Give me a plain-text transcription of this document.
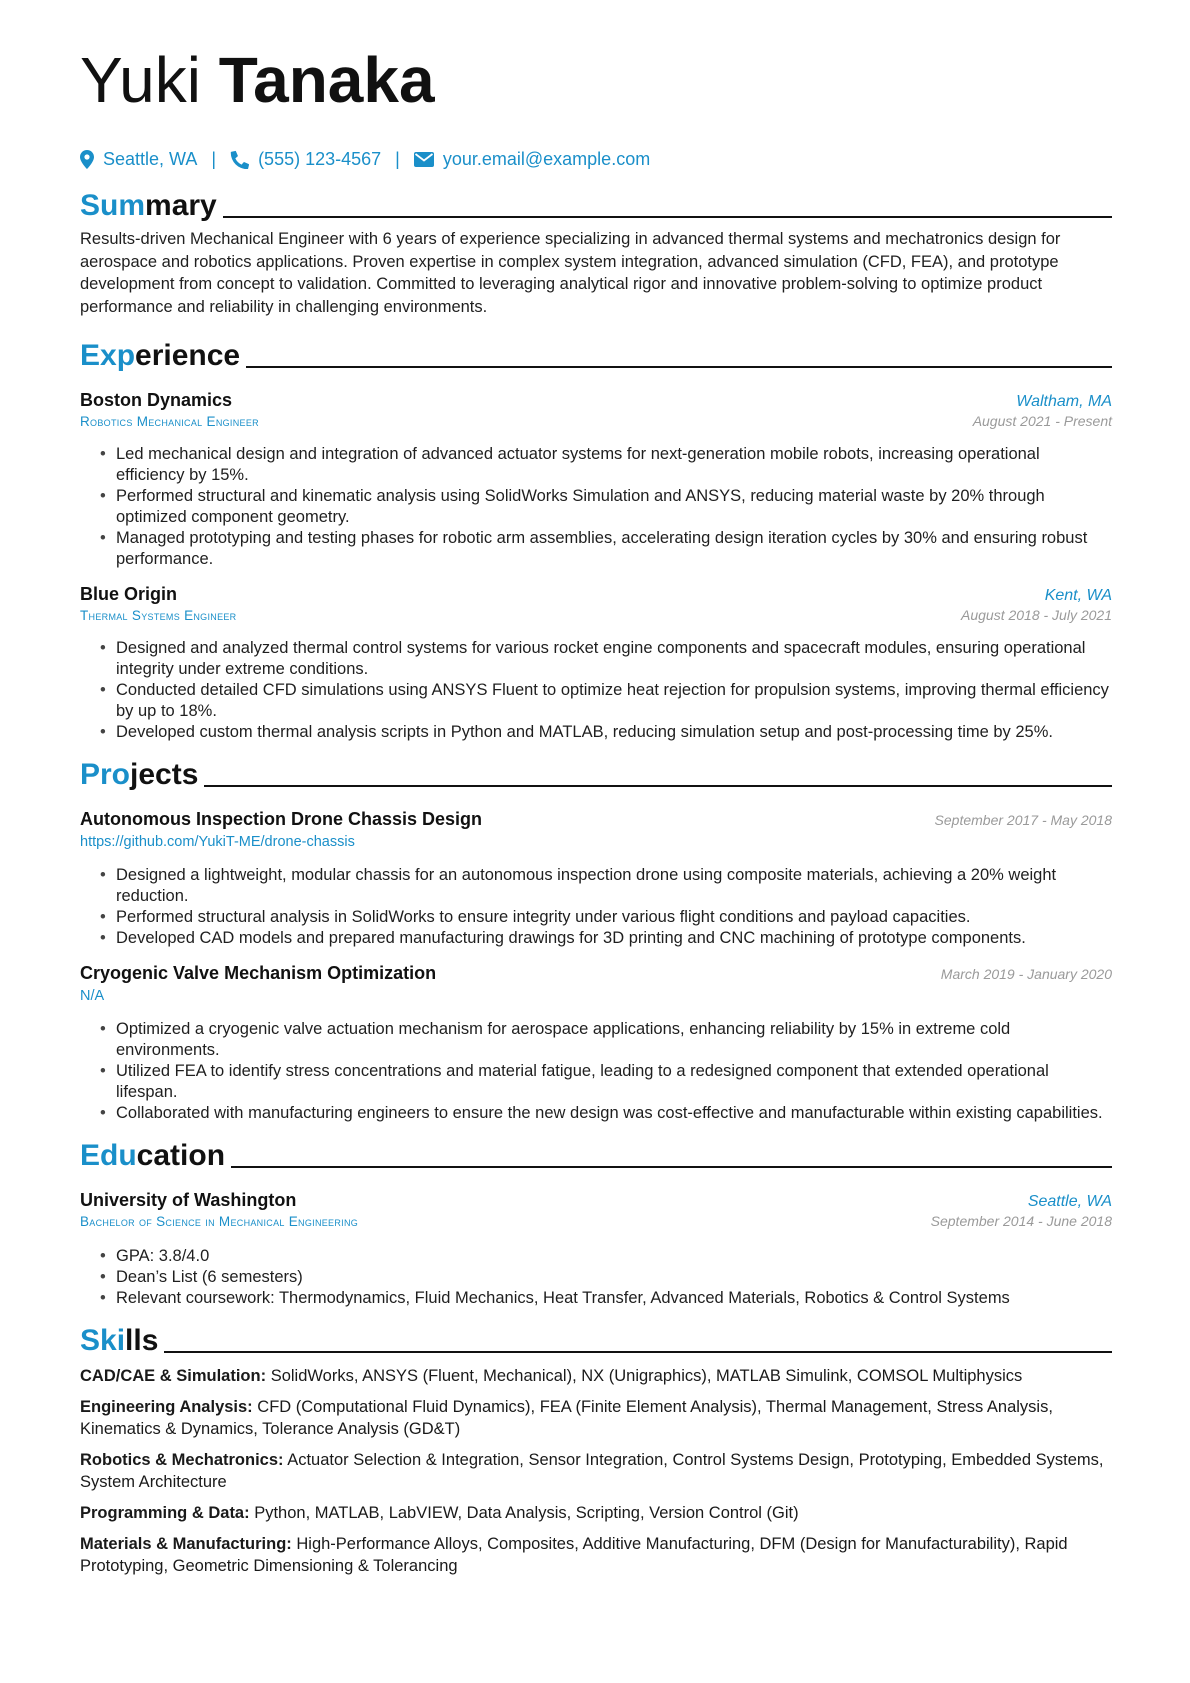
Yuki Tanaka
Seattle, WA | (555) 123-4567 | your.email@example.com
Summary
Results-driven Mechanical Engineer with 6 years of experience specializing in advanced thermal systems and mechatronics design for aerospace and robotics applications. Proven expertise in complex system integration, advanced simulation (CFD, FEA), and prototype development from concept to validation. Committed to leveraging analytical rigor and innovative problem-solving to optimize product performance and reliability in challenging environments.
Experience
Boston Dynamics	Waltham, MA
Robotics Mechanical Engineer	August 2021 - Present
• Led mechanical design and integration of advanced actuator systems for next-generation mobile robots, increasing operational efficiency by 15%.
• Performed structural and kinematic analysis using SolidWorks Simulation and ANSYS, reducing material waste by 20% through optimized component geometry.
• Managed prototyping and testing phases for robotic arm assemblies, accelerating design iteration cycles by 30% and ensuring robust performance.
Blue Origin	Kent, WA
Thermal Systems Engineer	August 2018 - July 2021
• Designed and analyzed thermal control systems for various rocket engine components and spacecraft modules, ensuring operational integrity under extreme conditions.
• Conducted detailed CFD simulations using ANSYS Fluent to optimize heat rejection for propulsion systems, improving thermal efficiency by up to 18%.
• Developed custom thermal analysis scripts in Python and MATLAB, reducing simulation setup and post-processing time by 25%.
Projects
Autonomous Inspection Drone Chassis Design	September 2017 - May 2018
https://github.com/YukiT-ME/drone-chassis
• Designed a lightweight, modular chassis for an autonomous inspection drone using composite materials, achieving a 20% weight reduction.
• Performed structural analysis in SolidWorks to ensure integrity under various flight conditions and payload capacities.
• Developed CAD models and prepared manufacturing drawings for 3D printing and CNC machining of prototype components.
Cryogenic Valve Mechanism Optimization	March 2019 - January 2020
N/A
• Optimized a cryogenic valve actuation mechanism for aerospace applications, enhancing reliability by 15% in extreme cold environments.
• Utilized FEA to identify stress concentrations and material fatigue, leading to a redesigned component that extended operational lifespan.
• Collaborated with manufacturing engineers to ensure the new design was cost-effective and manufacturable within existing capabilities.
Education
University of Washington	Seattle, WA
Bachelor of Science in Mechanical Engineering	September 2014 - June 2018
• GPA: 3.8/4.0
• Dean’s List (6 semesters)
• Relevant coursework: Thermodynamics, Fluid Mechanics, Heat Transfer, Advanced Materials, Robotics & Control Systems
Skills
CAD/CAE & Simulation: SolidWorks, ANSYS (Fluent, Mechanical), NX (Unigraphics), MATLAB Simulink, COMSOL Multiphysics
Engineering Analysis: CFD (Computational Fluid Dynamics), FEA (Finite Element Analysis), Thermal Management, Stress Analysis, Kinematics & Dynamics, Tolerance Analysis (GD&T)
Robotics & Mechatronics: Actuator Selection & Integration, Sensor Integration, Control Systems Design, Prototyping, Embedded Systems, System Architecture
Programming & Data: Python, MATLAB, LabVIEW, Data Analysis, Scripting, Version Control (Git)
Materials & Manufacturing: High-Performance Alloys, Composites, Additive Manufacturing, DFM (Design for Manufacturability), Rapid Prototyping, Geometric Dimensioning & Tolerancing
